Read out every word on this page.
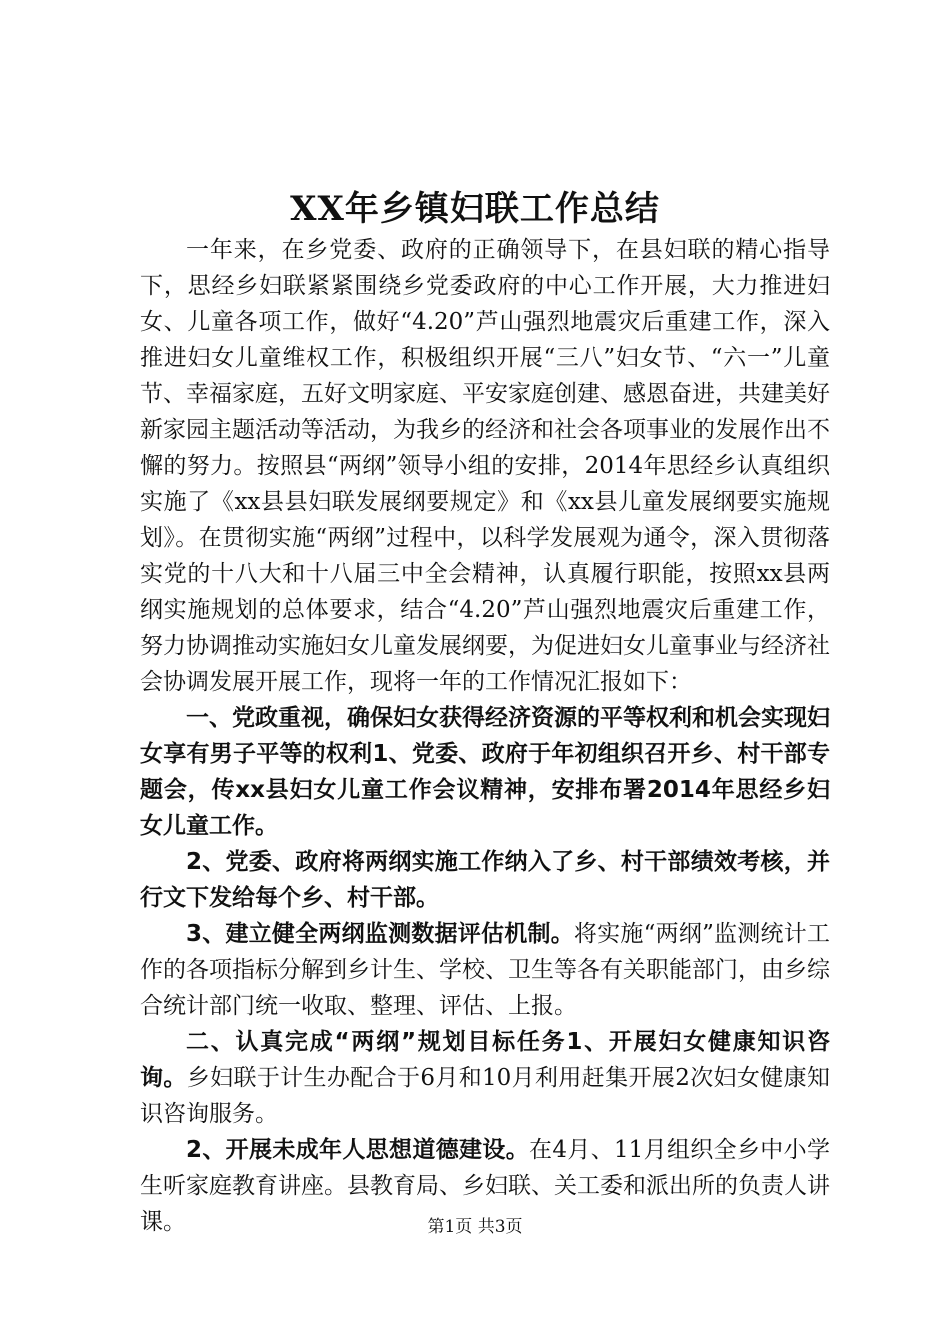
XX年乡镇妇联工作总结

一年来，在乡党委、政府的正确领导下，在县妇联的精心指导下，思经乡妇联紧紧围绕乡党委政府的中心工作开展，大力推进妇女、儿童各项工作，做好“4.20”芦山强烈地震灾后重建工作，深入推进妇女儿童维权工作，积极组织开展“三八”妇女节、“六一”儿童节、幸福家庭，五好文明家庭、平安家庭创建、感恩奋进，共建美好新家园主题活动等活动，为我乡的经济和社会各项事业的发展作出不懈的努力。按照县“两纲”领导小组的安排，2014年思经乡认真组织实施了《xx县县妇联发展纲要规定》和《xx县儿童发展纲要实施规划》。在贯彻实施“两纲”过程中，以科学发展观为通令，深入贯彻落实党的十八大和十八届三中全会精神，认真履行职能，按照xx县两纲实施规划的总体要求，结合“4.20”芦山强烈地震灾后重建工作，努力协调推动实施妇女儿童发展纲要，为促进妇女儿童事业与经济社会协调发展开展工作，现将一年的工作情况汇报如下：

一、党政重视，确保妇女获得经济资源的平等权利和机会实现妇女享有男子平等的权利1、党委、政府于年初组织召开乡、村干部专题会，传xx县妇女儿童工作会议精神，安排布署2014年思经乡妇女儿童工作。

2、党委、政府将两纲实施工作纳入了乡、村干部绩效考核，并行文下发给每个乡、村干部。

3、建立健全两纲监测数据评估机制。将实施“两纲”监测统计工作的各项指标分解到乡计生、学校、卫生等各有关职能部门，由乡综合统计部门统一收取、整理、评估、上报。

二、认真完成“两纲”规划目标任务1、开展妇女健康知识咨询。乡妇联于计生办配合于6月和10月利用赶集开展2次妇女健康知识咨询服务。

2、开展未成年人思想道德建设。在4月、11月组织全乡中小学生听家庭教育讲座。县教育局、乡妇联、关工委和派出所的负责人讲课。	第1页 共3页
